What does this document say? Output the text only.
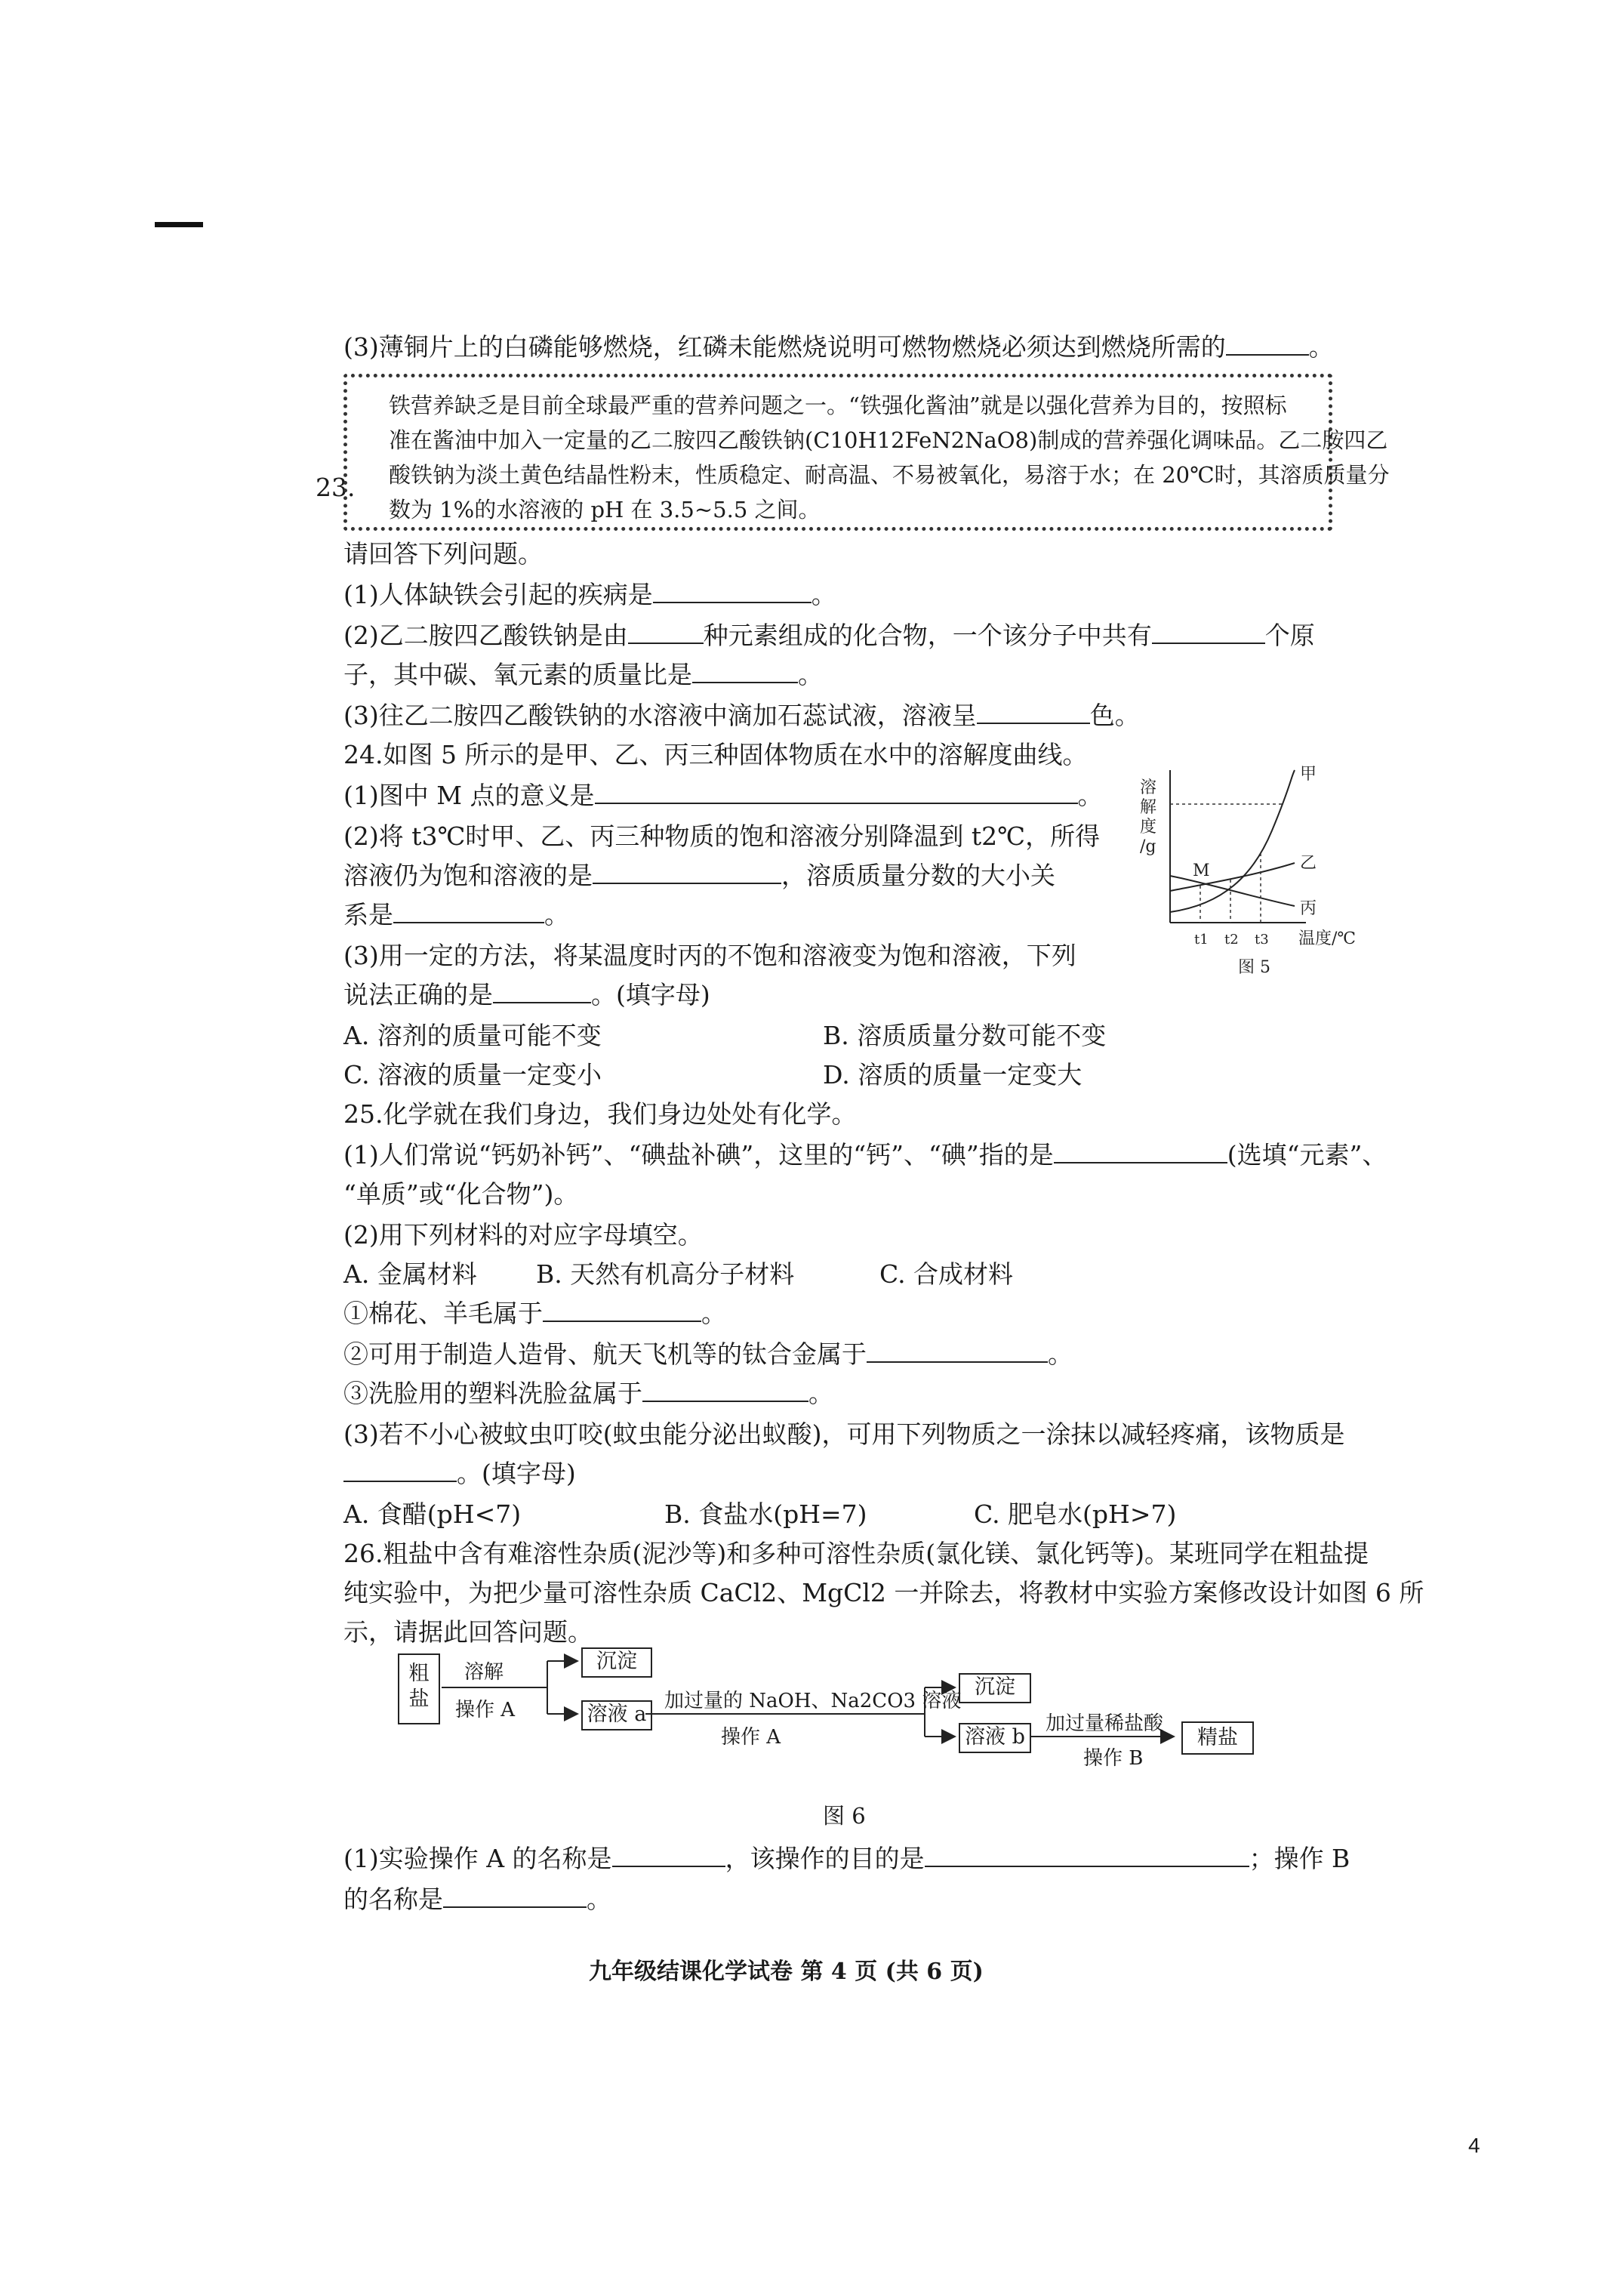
(3)薄铜片上的白磷能够燃烧，红磷未能燃烧说明可燃物燃烧必须达到燃烧所需的	。
23.
铁营养缺乏是目前全球最严重的营养问题之一。“铁强化酱油”就是以强化营养为目的，按照标
准在酱油中加入一定量的乙二胺四乙酸铁钠(C10H12FeN2NaO8)制成的营养强化调味品。乙二胺四乙
酸铁钠为淡土黄色结晶性粉末，性质稳定、耐高温、不易被氧化，易溶于水；在 20℃时，其溶质质量分
数为 1%的水溶液的 pH 在 3.5~5.5 之间。
请回答下列问题。
(1)人体缺铁会引起的疾病是	。
(2)乙二胺四乙酸铁钠是由	种元素组成的化合物，一个该分子中共有	个原
子，其中碳、氧元素的质量比是	。
(3)往乙二胺四乙酸铁钠的水溶液中滴加石蕊试液，溶液呈	色。
24.如图 5 所示的是甲、乙、丙三种固体物质在水中的溶解度曲线。
(1)图中 M 点的意义是	。
(2)将 t3℃时甲、乙、丙三种物质的饱和溶液分别降温到 t2℃，所得
溶液仍为饱和溶液的是	，溶质质量分数的大小关
系是	。
(3)用一定的方法，将某温度时丙的不饱和溶液变为饱和溶液，下列
说法正确的是	。(填字母)
A. 溶剂的质量可能不变	B. 溶质质量分数可能不变
C. 溶液的质量一定变小	D. 溶质的质量一定变大
溶
解
度
/g
甲
乙
丙
M
t1 t2 t3 温度/℃
图 5
25.化学就在我们身边，我们身边处处有化学。
(1)人们常说“钙奶补钙”、“碘盐补碘”，这里的“钙”、“碘”指的是	(选填“元素”、
“单质”或“化合物”)。
(2)用下列材料的对应字母填空。
A. 金属材料 B. 天然有机高分子材料	C. 合成材料
①棉花、羊毛属于	。
②可用于制造人造骨、航天飞机等的钛合金属于	。
③洗脸用的塑料洗脸盆属于	。
(3)若不小心被蚊虫叮咬(蚊虫能分泌出蚁酸)，可用下列物质之一涂抹以减轻疼痛，该物质是
。(填字母)
A. 食醋(pH<7)	B. 食盐水(pH=7)	C. 肥皂水(pH>7)
26.粗盐中含有难溶性杂质(泥沙等)和多种可溶性杂质(氯化镁、氯化钙等)。某班同学在粗盐提
纯实验中，为把少量可溶性杂质 CaCl2、MgCl2 一并除去，将教材中实验方案修改设计如图 6 所
示，请据此回答问题。
粗
盐
溶解
操作 A
沉淀
溶液 a
加过量的 NaOH、Na2CO3 溶液
操作 A
沉淀
溶液 b
加过量稀盐酸
操作 B
精盐
图 6
(1)实验操作 A 的名称是	，该操作的目的是	；操作 B
的名称是	。
九年级结课化学试卷 第 4 页 (共 6 页)
4
